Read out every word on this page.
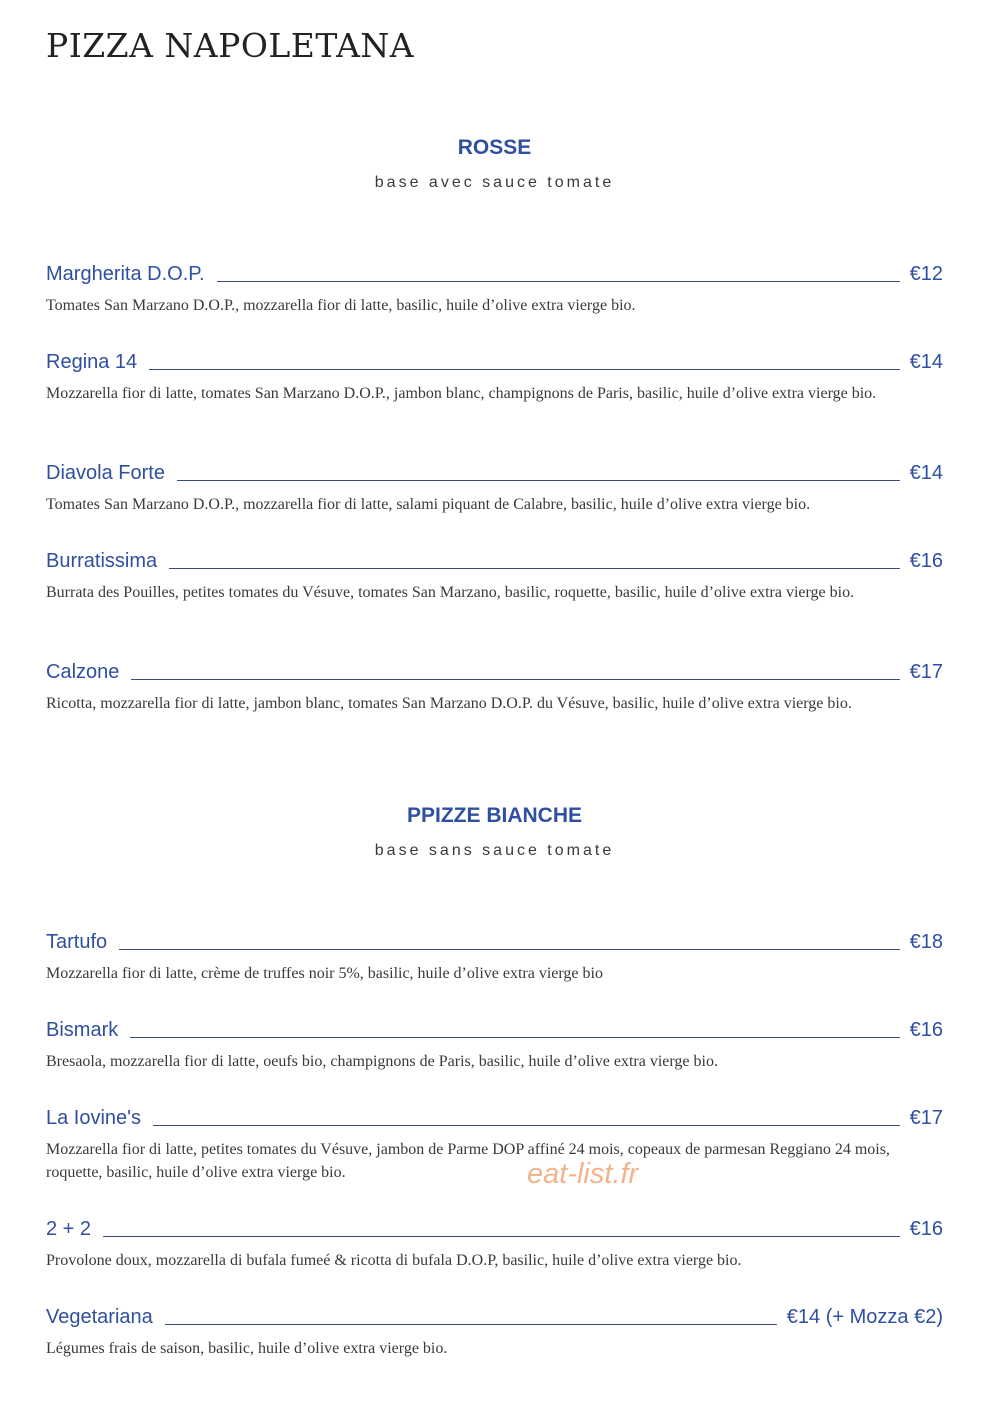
PIZZA NAPOLETANA
ROSSE
base avec sauce tomate
Margherita D.O.P.	€12
Tomates San Marzano D.O.P., mozzarella fior di latte, basilic, huile d’olive extra vierge bio.
Regina 14	€14
Mozzarella fior di latte, tomates San Marzano D.O.P., jambon blanc, champignons de Paris, basilic, huile d’olive extra vierge bio.
Diavola Forte	€14
Tomates San Marzano D.O.P., mozzarella fior di latte, salami piquant de Calabre, basilic, huile d’olive extra vierge bio.
Burratissima	€16
Burrata des Pouilles, petites tomates du Vésuve, tomates San Marzano, basilic, roquette, basilic, huile d’olive extra vierge bio.
Calzone	€17
Ricotta, mozzarella fior di latte, jambon blanc, tomates San Marzano D.O.P. du Vésuve, basilic, huile d’olive extra vierge bio.
PPIZZE BIANCHE
base sans sauce tomate
Tartufo	€18
Mozzarella fior di latte, crème de truffes noir 5%, basilic, huile d’olive extra vierge bio
Bismark	€16
Bresaola, mozzarella fior di latte, oeufs bio, champignons de Paris, basilic, huile d’olive extra vierge bio.
La Iovine's	€17
Mozzarella fior di latte, petites tomates du Vésuve, jambon de Parme DOP affiné 24 mois, copeaux de parmesan Reggiano 24 mois, roquette, basilic, huile d’olive extra vierge bio.
2 + 2	€16
Provolone doux, mozzarella di bufala fumeé & ricotta di bufala D.O.P, basilic, huile d’olive extra vierge bio.
Vegetariana	€14 (+ Mozza €2)
Légumes frais de saison, basilic, huile d’olive extra vierge bio.
eat-list.fr
